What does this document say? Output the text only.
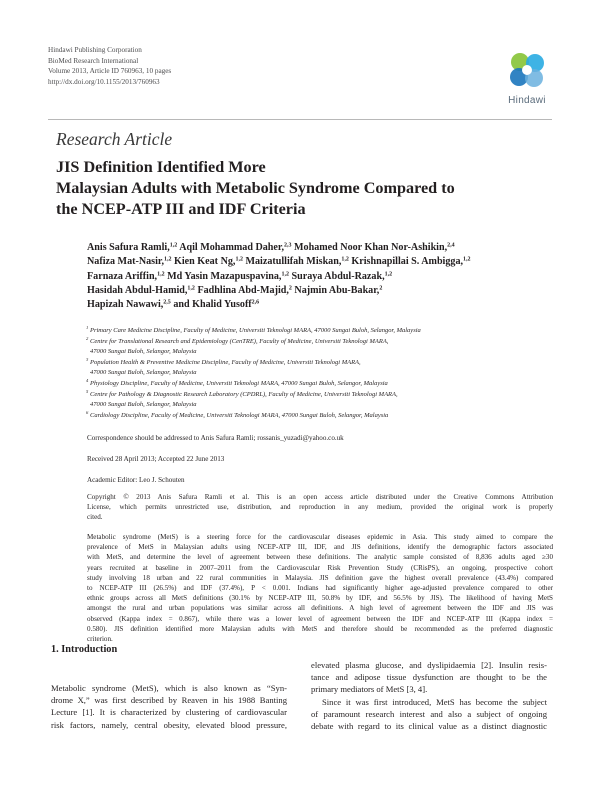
Hindawi Publishing Corporation
BioMed Research International
Volume 2013, Article ID 760963, 10 pages
http://dx.doi.org/10.1155/2013/760963
Hindawi
Research Article
JIS Definition Identified More
Malaysian Adults with Metabolic Syndrome Compared to
the NCEP-ATP III and IDF Criteria
Anis Safura Ramli,$^{1,2}$ Aqil Mohammad Daher,$^{2,3}$ Mohamed Noor Khan Nor-Ashikin,$^{2,4}$
Nafiza Mat-Nasir,$^{1,2}$ Kien Keat Ng,$^{1,2}$ Maizatullifah Miskan,$^{1,2}$ Krishnapillai S. Ambigga,$^{1,2}$
Farnaza Ariffin,$^{1,2}$ Md Yasin Mazapuspavina,$^{1,2}$ Suraya Abdul-Razak,$^{1,2}$
Hasidah Abdul-Hamid,$^{1,2}$ Fadhlina Abd-Majid,$^2$ Najmin Abu-Bakar,$^2$
Hapizah Nawawi,$^{2,5}$ and Khalid Yusoff$^{2,6}$
1 Primary Care Medicine Discipline, Faculty of Medicine, Universiti Teknologi MARA, 47000 Sungai Buloh, Selangor, Malaysia
2 Centre for Translational Research and Epidemiology (CenTRE), Faculty of Medicine, Universiti Teknologi MARA,
47000 Sungai Buloh, Selangor, Malaysia
3 Population Health & Preventive Medicine Discipline, Faculty of Medicine, Universiti Teknologi MARA,
47000 Sungai Buloh, Selangor, Malaysia
4 Physiology Discipline, Faculty of Medicine, Universiti Teknologi MARA, 47000 Sungai Buloh, Selangor, Malaysia
5 Centre for Pathology & Diagnostic Research Laboratory (CPDRL), Faculty of Medicine, Universiti Teknologi MARA,
47000 Sungai Buloh, Selangor, Malaysia
6 Cardiology Discipline, Faculty of Medicine, Universiti Teknologi MARA, 47000 Sungai Buloh, Selangor, Malaysia
Correspondence should be addressed to Anis Safura Ramli; rossanis_yuzadi@yahoo.co.uk
Received 28 April 2013; Accepted 22 June 2013
Academic Editor: Leo J. Schouten
Copyright © 2013 Anis Safura Ramli et al. This is an open access article distributed under the Creative Commons Attribution
License, which permits unrestricted use, distribution, and reproduction in any medium, provided the original work is properly
cited.
Metabolic syndrome (MetS) is a steering force for the cardiovascular diseases epidemic in Asia. This study aimed to compare the
prevalence of MetS in Malaysian adults using NCEP-ATP III, IDF, and JIS definitions, identify the demographic factors associated
with MetS, and determine the level of agreement between these definitions. The analytic sample consisted of 8,836 adults aged ≥30
years recruited at baseline in 2007–2011 from the Cardiovascular Risk Prevention Study (CRisPS), an ongoing, prospective cohort
study involving 18 urban and 22 rural communities in Malaysia. JIS definition gave the highest overall prevalence (43.4%) compared
to NCEP-ATP III (26.5%) and IDF (37.4%), P < 0.001. Indians had significantly higher age-adjusted prevalence compared to other
ethnic groups across all MetS definitions (30.1% by NCEP-ATP III, 50.8% by IDF, and 56.5% by JIS). The likelihood of having MetS
amongst the rural and urban populations was similar across all definitions. A high level of agreement between the IDF and JIS was
observed (Kappa index = 0.867), while there was a lower level of agreement between the IDF and NCEP-ATP III (Kappa index =
0.580). JIS definition identified more Malaysian adults with MetS and therefore should be recommended as the preferred diagnostic
criterion.
1. Introduction
Metabolic syndrome (MetS), which is also known as “Syn-
drome X,” was first described by Reaven in his 1988 Banting
Lecture [1]. It is characterized by clustering of cardiovascular
risk factors, namely, central obesity, elevated blood pressure,
elevated plasma glucose, and dyslipidaemia [2]. Insulin resis-
tance and adipose tissue dysfunction are thought to be the
primary mediators of MetS [3, 4].
Since it was first introduced, MetS has become the subject
of paramount research interest and also a subject of ongoing
debate with regard to its clinical value as a distinct diagnostic
